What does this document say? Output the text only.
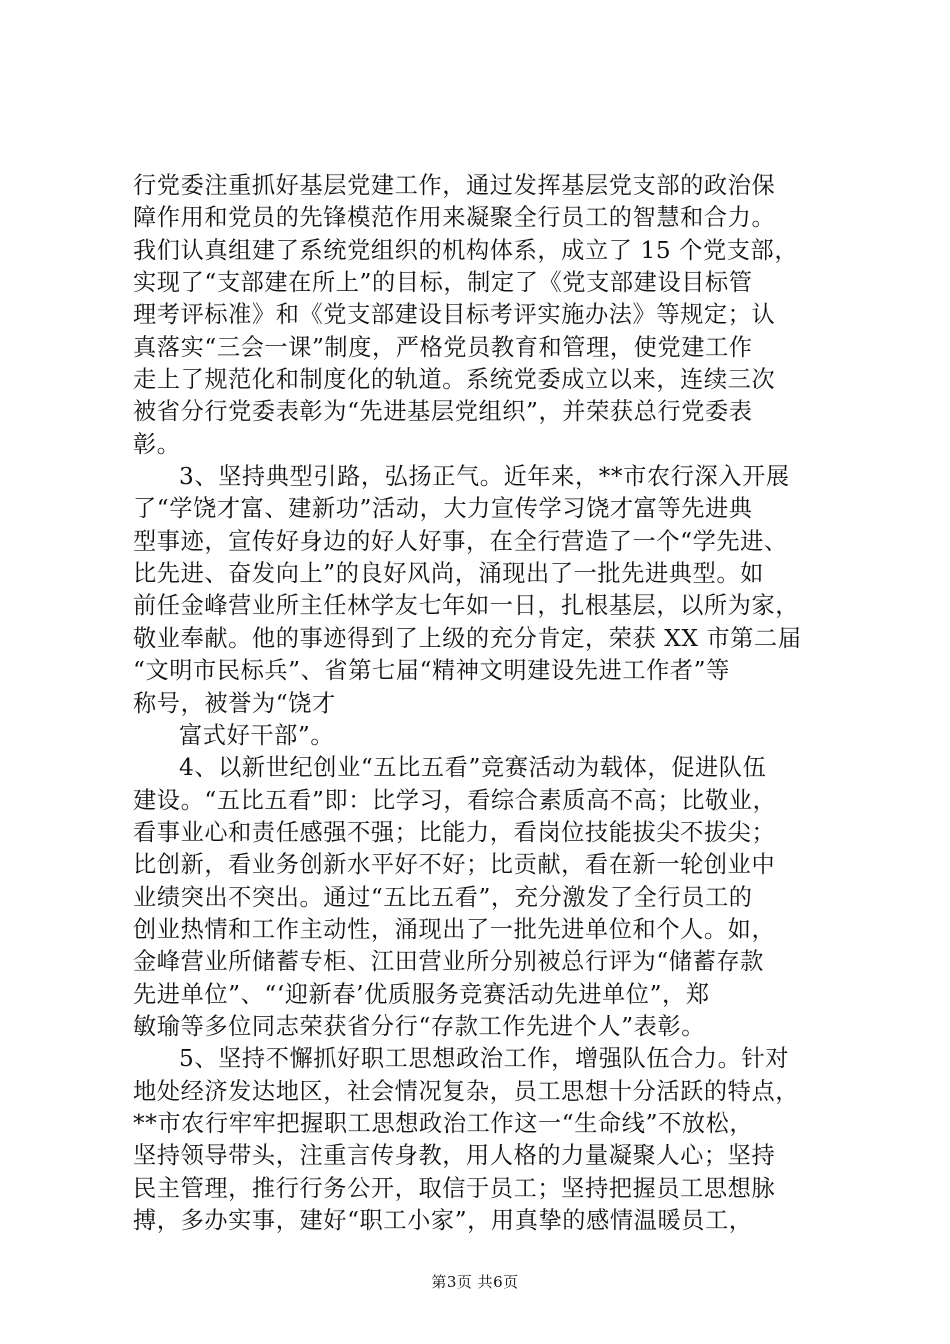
行党委注重抓好基层党建工作，通过发挥基层党支部的政治保
障作用和党员的先锋模范作用来凝聚全行员工的智慧和合力。
我们认真组建了系统党组织的机构体系，成立了 15 个党支部，
实现了“支部建在所上”的目标，制定了《党支部建设目标管
理考评标准》和《党支部建设目标考评实施办法》等规定；认
真落实“三会一课”制度，严格党员教育和管理，使党建工作
走上了规范化和制度化的轨道。系统党委成立以来，连续三次
被省分行党委表彰为“先进基层党组织”，并荣获总行党委表
彰。
3、坚持典型引路，弘扬正气。近年来，**市农行深入开展
了“学饶才富、建新功”活动，大力宣传学习饶才富等先进典
型事迹，宣传好身边的好人好事，在全行营造了一个“学先进、
比先进、奋发向上”的良好风尚，涌现出了一批先进典型。如
前任金峰营业所主任林学友七年如一日，扎根基层，以所为家，
敬业奉献。他的事迹得到了上级的充分肯定，荣获 XX 市第二届
“文明市民标兵”、省第七届“精神文明建设先进工作者”等
称号，被誉为“饶才
富式好干部”。
4、以新世纪创业“五比五看”竞赛活动为载体，促进队伍
建设。“五比五看”即：比学习，看综合素质高不高；比敬业，
看事业心和责任感强不强；比能力，看岗位技能拔尖不拔尖；
比创新，看业务创新水平好不好；比贡献，看在新一轮创业中
业绩突出不突出。通过“五比五看”，充分激发了全行员工的
创业热情和工作主动性，涌现出了一批先进单位和个人。如，
金峰营业所储蓄专柜、江田营业所分别被总行评为“储蓄存款
先进单位”、“‘迎新春’优质服务竞赛活动先进单位”，郑
敏瑜等多位同志荣获省分行“存款工作先进个人”表彰。
5、坚持不懈抓好职工思想政治工作，增强队伍合力。针对
地处经济发达地区，社会情况复杂，员工思想十分活跃的特点，
**市农行牢牢把握职工思想政治工作这一“生命线”不放松，
坚持领导带头，注重言传身教，用人格的力量凝聚人心；坚持
民主管理，推行行务公开，取信于员工；坚持把握员工思想脉
搏，多办实事，建好“职工小家”，用真挚的感情温暖员工，
第3页 共6页
